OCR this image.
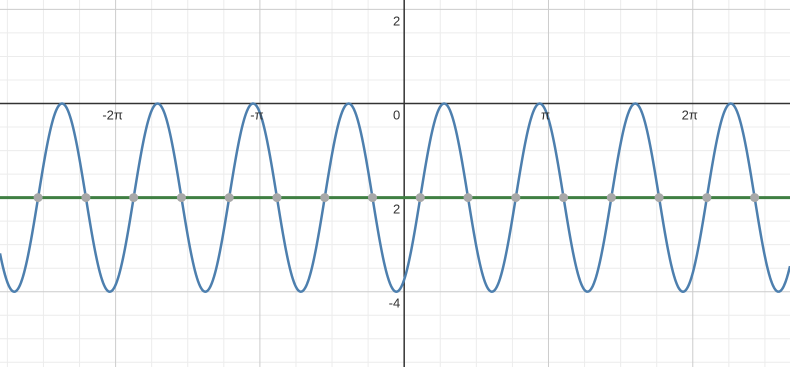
-2π	-π	π	2π
2
0
2
-4
